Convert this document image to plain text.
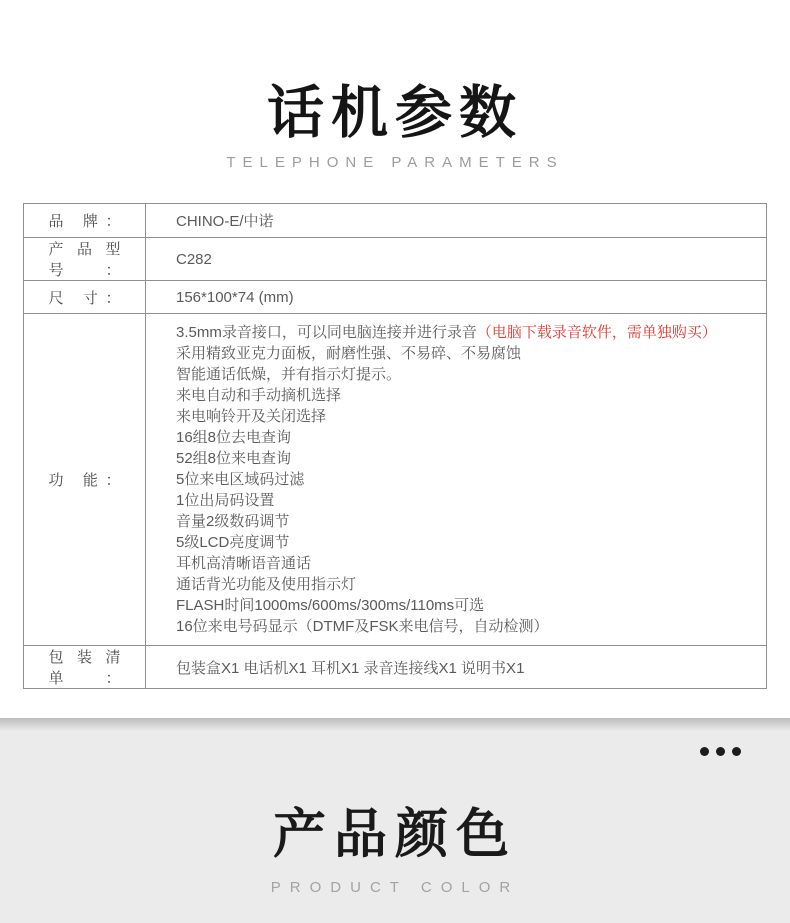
话机参数
TELEPHONE PARAMETERS
品 牌：	CHINO-E/中诺

产品型号：	C282

尺 寸：	156*100*74 (mm)

功 能：

3.5mm录音接口，可以同电脑连接并进行录音（电脑下载录音软件，需单独购买）
采用精致亚克力面板，耐磨性强、不易碎、不易腐蚀
智能通话低燥，并有指示灯提示。
来电自动和手动摘机选择
来电响铃开及关闭选择
16组8位去电查询
52组8位来电查询
5位来电区域码过滤
1位出局码设置
音量2级数码调节
5级LCD亮度调节
耳机高清晰语音通话
通话背光功能及使用指示灯
FLASH时间1000ms/600ms/300ms/110ms可选
16位来电号码显示（DTMF及FSK来电信号，自动检测）

包装清单：	包装盒X1 电话机X1 耳机X1 录音连接线X1 说明书X1
产品颜色
PRODUCT COLOR
